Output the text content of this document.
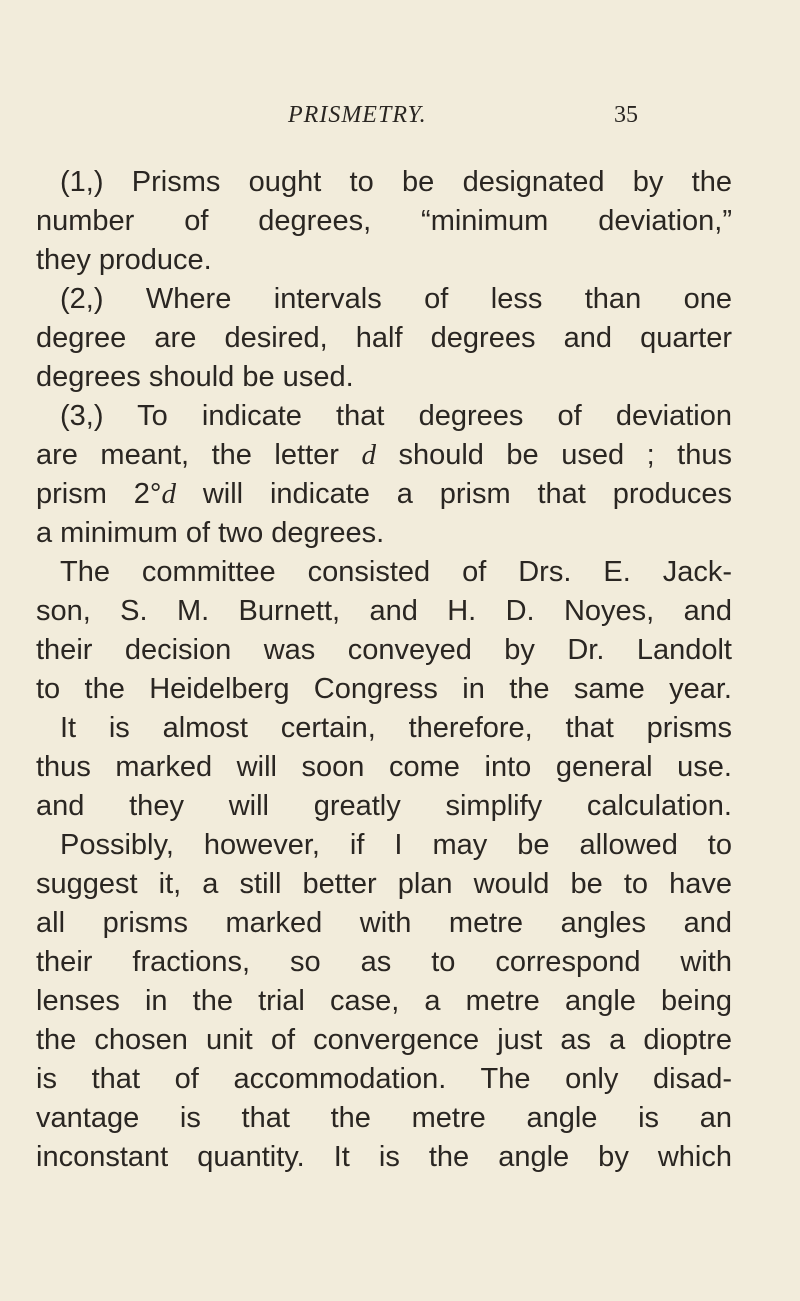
PRISMETRY.	35
(1,) Prisms ought to be designated by the
number of degrees, “minimum deviation,”
they produce.
(2,) Where intervals of less than one
degree are desired, half degrees and quarter
degrees should be used.
(3,) To indicate that degrees of deviation
are meant, the letter d should be used ; thus
prism 2°d will indicate a prism that produces
a minimum of two degrees.
The committee consisted of Drs. E. Jack-
son, S. M. Burnett, and H. D. Noyes, and
their decision was conveyed by Dr. Landolt
to the Heidelberg Congress in the same year.
It is almost certain, therefore, that prisms
thus marked will soon come into general use.
and they will greatly simplify calculation.
Possibly, however, if I may be allowed to
suggest it, a still better plan would be to have
all prisms marked with metre angles and
their fractions, so as to correspond with
lenses in the trial case, a metre angle being
the chosen unit of convergence just as a dioptre
is that of accommodation. The only disad-
vantage is that the metre angle is an
inconstant quantity. It is the angle by which
